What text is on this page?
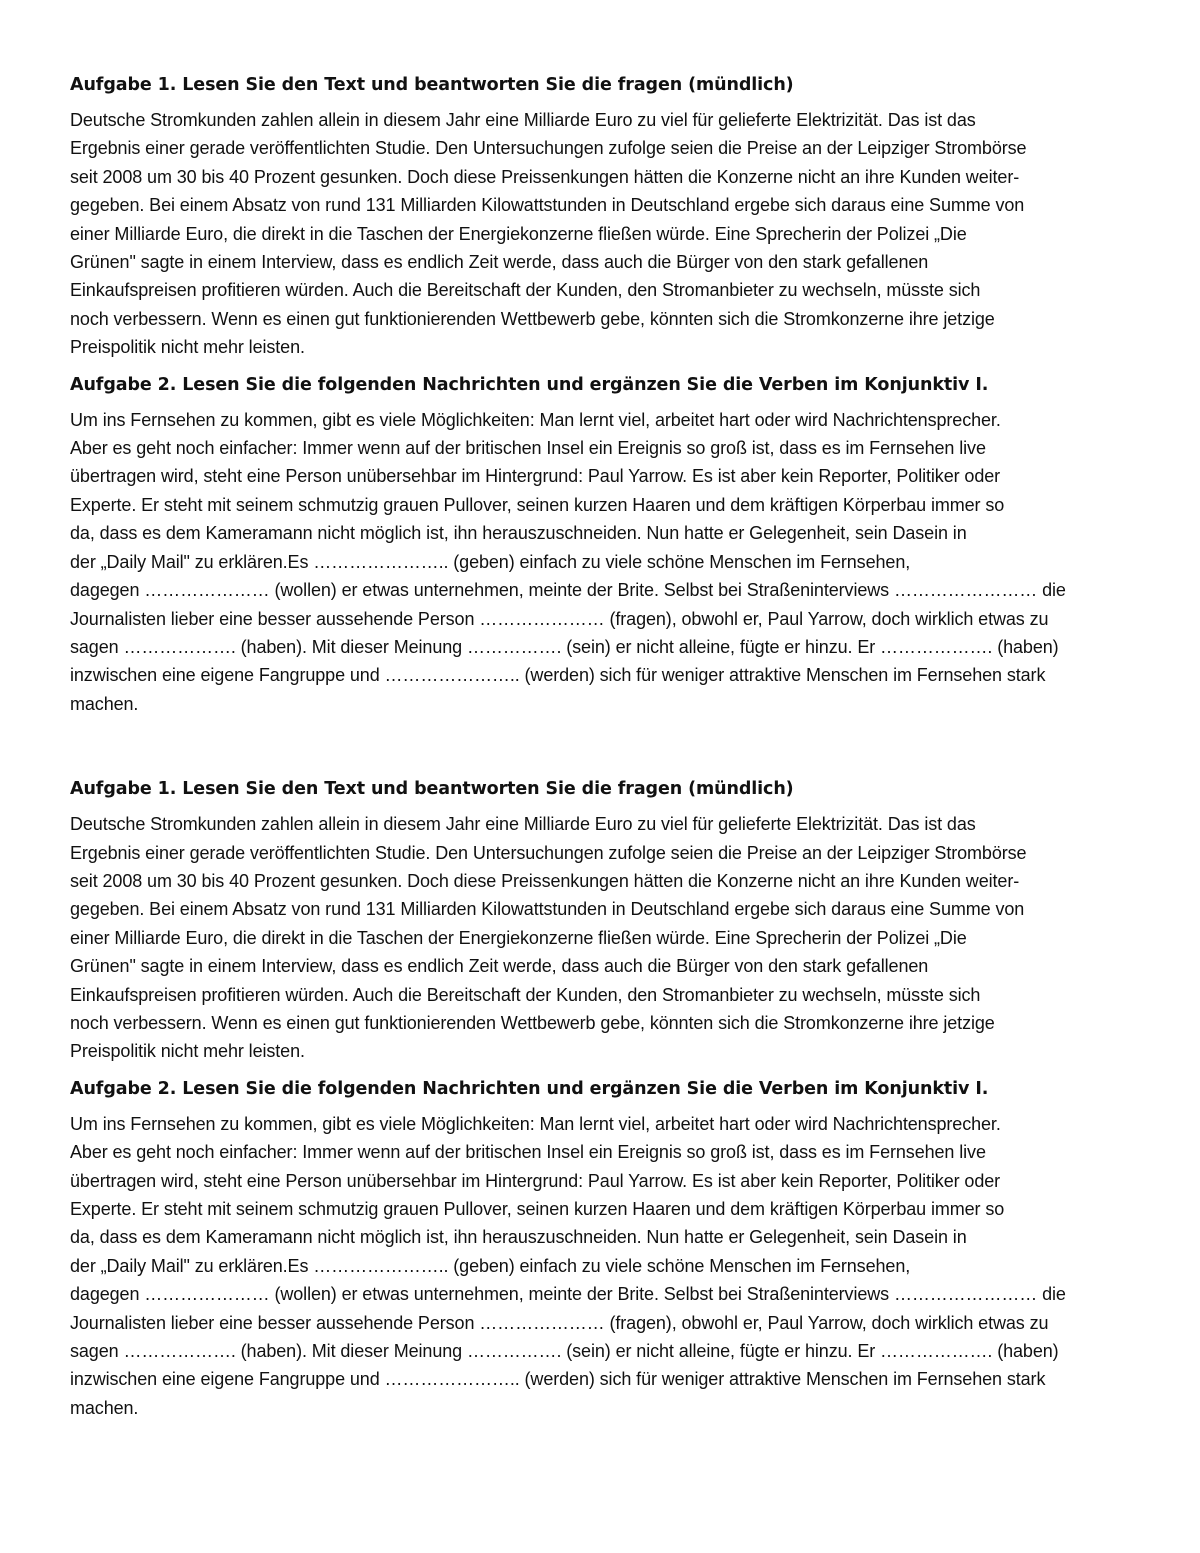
Aufgabe 1. Lesen Sie den Text und beantworten Sie die fragen (mündlich)
Deutsche Stromkunden zahlen allein in diesem Jahr eine Milliarde Euro zu viel für gelieferte Elektrizität. Das ist das
Ergebnis einer gerade veröffentlichten Studie. Den Untersuchungen zufolge seien die Preise an der Leipziger Strombörse
seit 2008 um 30 bis 40 Prozent gesunken. Doch diese Preissenkungen hätten die Konzerne nicht an ihre Kunden weiter-
gegeben. Bei einem Absatz von rund 131 Milliarden Kilowattstunden in Deutschland ergebe sich daraus eine Summe von
einer Milliarde Euro, die direkt in die Taschen der Energiekonzerne fließen würde. Eine Sprecherin der Polizei „Die
Grünen" sagte in einem Interview, dass es endlich Zeit werde, dass auch die Bürger von den stark gefallenen
Einkaufspreisen profitieren würden. Auch die Bereitschaft der Kunden, den Stromanbieter zu wechseln, müsste sich
noch verbessern. Wenn es einen gut funktionierenden Wettbewerb gebe, könnten sich die Stromkonzerne ihre jetzige
Preispolitik nicht mehr leisten.
Aufgabe 2. Lesen Sie die folgenden Nachrichten und ergänzen Sie die Verben im Konjunktiv I.
Um ins Fernsehen zu kommen, gibt es viele Möglichkeiten: Man lernt viel, arbeitet hart oder wird Nachrichtensprecher.
Aber es geht noch einfacher: Immer wenn auf der britischen Insel ein Ereignis so groß ist, dass es im Fernsehen live
übertragen wird, steht eine Person unübersehbar im Hintergrund: Paul Yarrow. Es ist aber kein Reporter, Politiker oder
Experte. Er steht mit seinem schmutzig grauen Pullover, seinen kurzen Haaren und dem kräftigen Körperbau immer so
da, dass es dem Kameramann nicht möglich ist, ihn herauszuschneiden. Nun hatte er Gelegenheit, sein Dasein in
der „Daily Mail" zu erklären.Es ………………….. (geben) einfach zu viele schöne Menschen im Fernsehen,
dagegen ………………… (wollen) er etwas unternehmen, meinte der Brite. Selbst bei Straßeninterviews …………………… die
Journalisten lieber eine besser aussehende Person ………………… (fragen), obwohl er, Paul Yarrow, doch wirklich etwas zu
sagen ………………. (haben). Mit dieser Meinung ……………. (sein) er nicht alleine, fügte er hinzu. Er ………………. (haben)
inzwischen eine eigene Fangruppe und ………………….. (werden) sich für weniger attraktive Menschen im Fernsehen stark
machen.
Aufgabe 1. Lesen Sie den Text und beantworten Sie die fragen (mündlich)
Deutsche Stromkunden zahlen allein in diesem Jahr eine Milliarde Euro zu viel für gelieferte Elektrizität. Das ist das
Ergebnis einer gerade veröffentlichten Studie. Den Untersuchungen zufolge seien die Preise an der Leipziger Strombörse
seit 2008 um 30 bis 40 Prozent gesunken. Doch diese Preissenkungen hätten die Konzerne nicht an ihre Kunden weiter-
gegeben. Bei einem Absatz von rund 131 Milliarden Kilowattstunden in Deutschland ergebe sich daraus eine Summe von
einer Milliarde Euro, die direkt in die Taschen der Energiekonzerne fließen würde. Eine Sprecherin der Polizei „Die
Grünen" sagte in einem Interview, dass es endlich Zeit werde, dass auch die Bürger von den stark gefallenen
Einkaufspreisen profitieren würden. Auch die Bereitschaft der Kunden, den Stromanbieter zu wechseln, müsste sich
noch verbessern. Wenn es einen gut funktionierenden Wettbewerb gebe, könnten sich die Stromkonzerne ihre jetzige
Preispolitik nicht mehr leisten.
Aufgabe 2. Lesen Sie die folgenden Nachrichten und ergänzen Sie die Verben im Konjunktiv I.
Um ins Fernsehen zu kommen, gibt es viele Möglichkeiten: Man lernt viel, arbeitet hart oder wird Nachrichtensprecher.
Aber es geht noch einfacher: Immer wenn auf der britischen Insel ein Ereignis so groß ist, dass es im Fernsehen live
übertragen wird, steht eine Person unübersehbar im Hintergrund: Paul Yarrow. Es ist aber kein Reporter, Politiker oder
Experte. Er steht mit seinem schmutzig grauen Pullover, seinen kurzen Haaren und dem kräftigen Körperbau immer so
da, dass es dem Kameramann nicht möglich ist, ihn herauszuschneiden. Nun hatte er Gelegenheit, sein Dasein in
der „Daily Mail" zu erklären.Es ………………….. (geben) einfach zu viele schöne Menschen im Fernsehen,
dagegen ………………… (wollen) er etwas unternehmen, meinte der Brite. Selbst bei Straßeninterviews …………………… die
Journalisten lieber eine besser aussehende Person ………………… (fragen), obwohl er, Paul Yarrow, doch wirklich etwas zu
sagen ………………. (haben). Mit dieser Meinung ……………. (sein) er nicht alleine, fügte er hinzu. Er ………………. (haben)
inzwischen eine eigene Fangruppe und ………………….. (werden) sich für weniger attraktive Menschen im Fernsehen stark
machen.
